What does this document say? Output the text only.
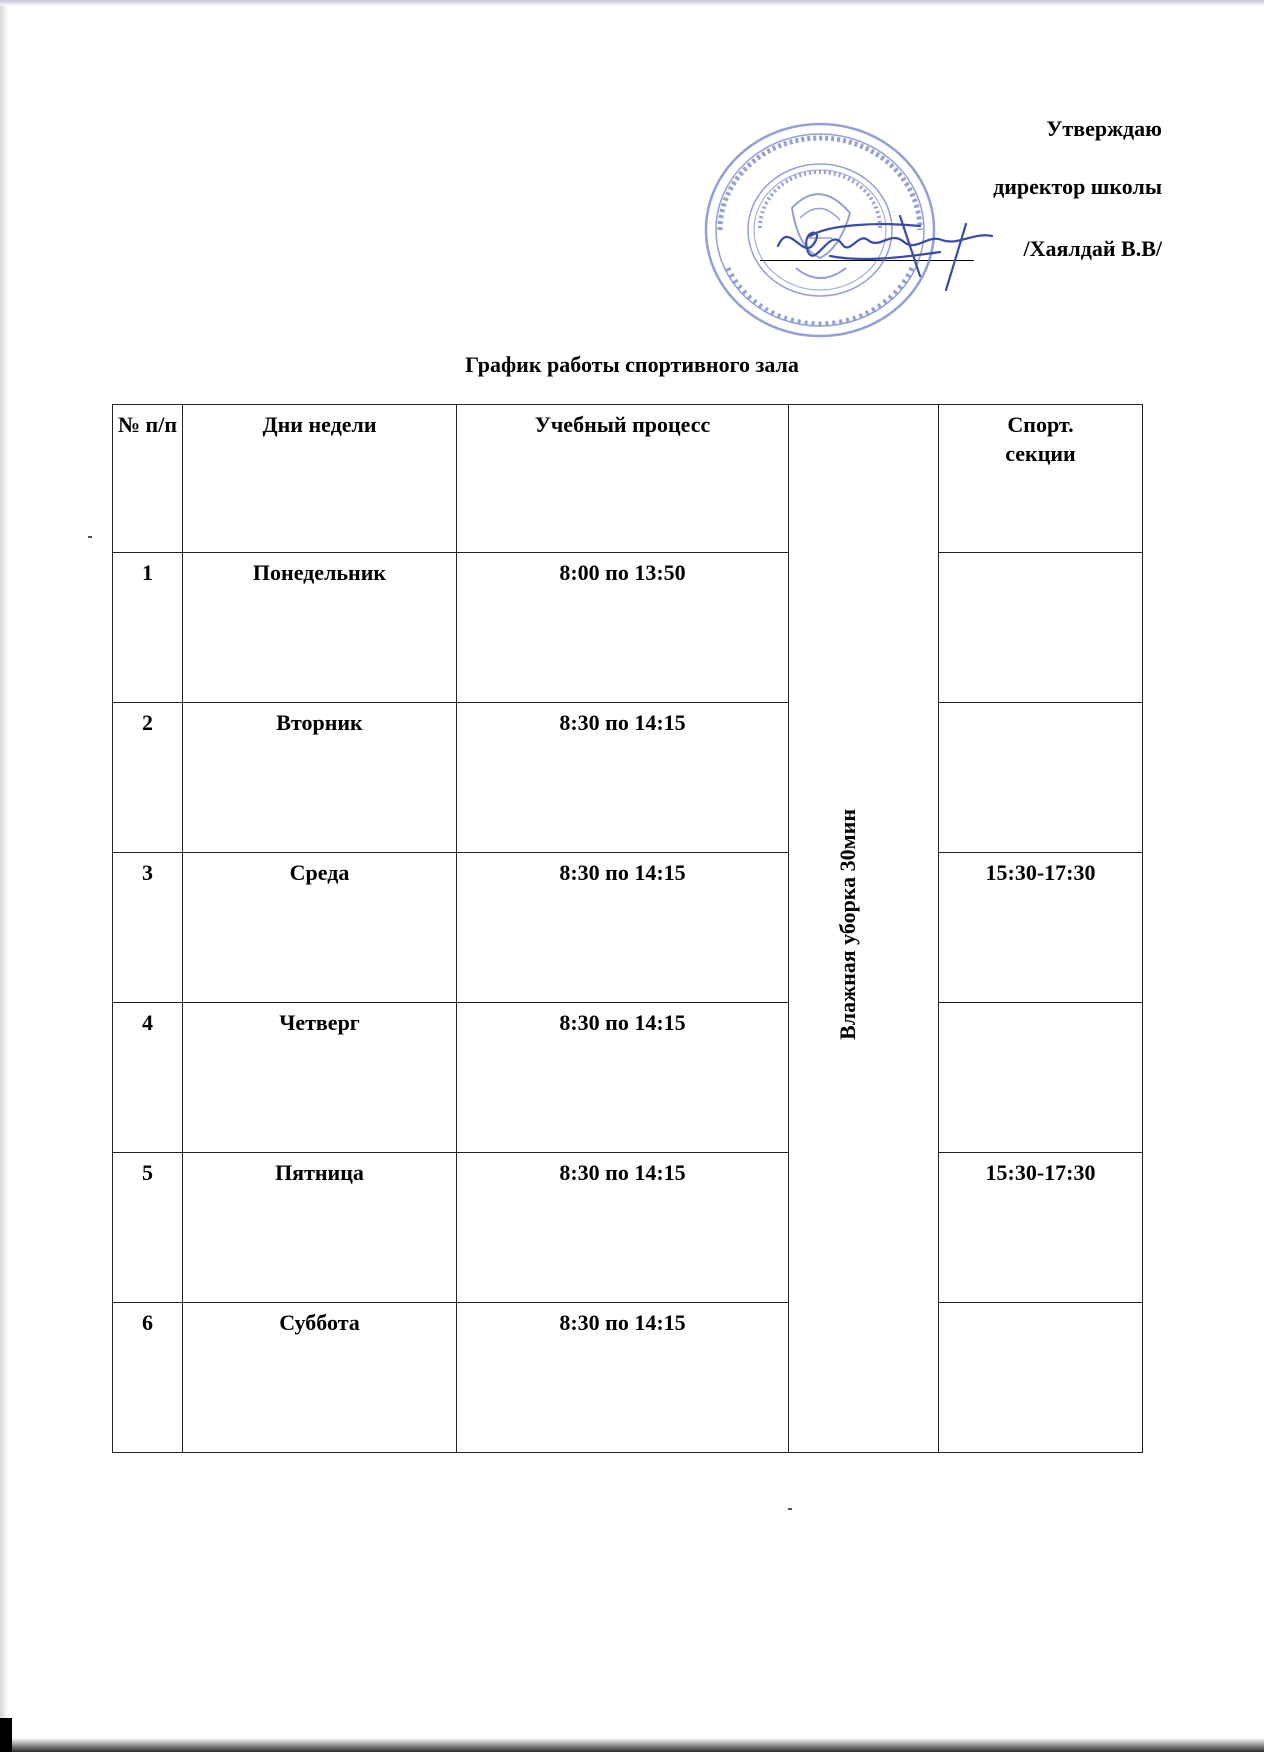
Утверждаю
директор школы
/Хаялдай В.В/
График работы спортивного зала
№ п/п	Дни недели	Учебный процесс	Влажная уборка 30мин	Спорт. секции
1	Понедельник	8:00 по 13:50		
2	Вторник	8:30 по 14:15		
3	Среда	8:30 по 14:15		15:30-17:30
4	Четверг	8:30 по 14:15		
5	Пятница	8:30 по 14:15		15:30-17:30
6	Суббота	8:30 по 14:15		
